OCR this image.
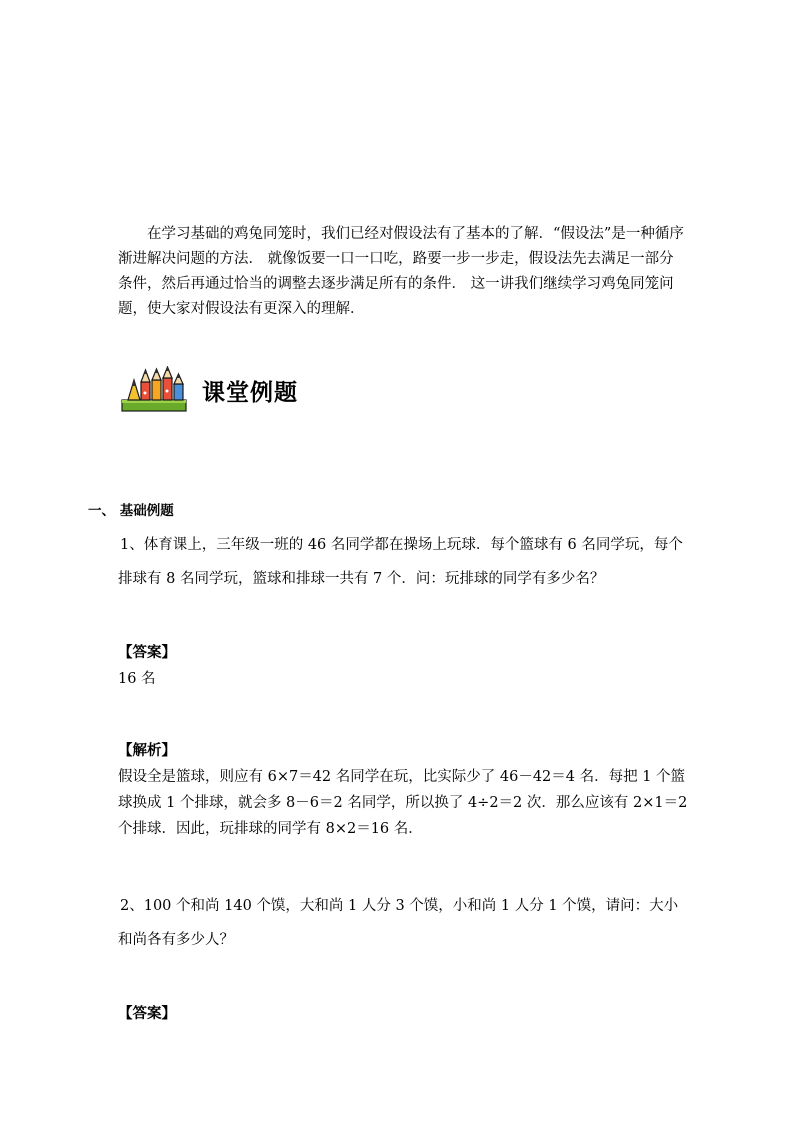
在学习基础的鸡兔同笼时，我们已经对假设法有了基本的了解．“假设法”是一种循序渐进解决问题的方法． 就像饭要一口一口吃，路要一步一步走，假设法先去满足一部分条件，然后再通过恰当的调整去逐步满足所有的条件． 这一讲我们继续学习鸡兔同笼问题，使大家对假设法有更深入的理解．

课堂例题
一、 基础例题

1、体育课上，三年级一班的 46 名同学都在操场上玩球．每个篮球有 6 名同学玩，每个排球有 8 名同学玩，篮球和排球一共有 7 个．问：玩排球的同学有多少名？

【答案】
16 名
【解析】

假设全是篮球，则应有 6×7＝42 名同学在玩，比实际少了 46－42＝4 名．每把 1 个篮球换成 1 个排球，就会多 8－6＝2 名同学，所以换了 4÷2＝2 次．那么应该有 2×1＝2 个排球．因此，玩排球的同学有 8×2＝16 名．

2、100 个和尚 140 个馍，大和尚 1 人分 3 个馍，小和尚 1 人分 1 个馍，请问：大小和尚各有多少人？

【答案】
